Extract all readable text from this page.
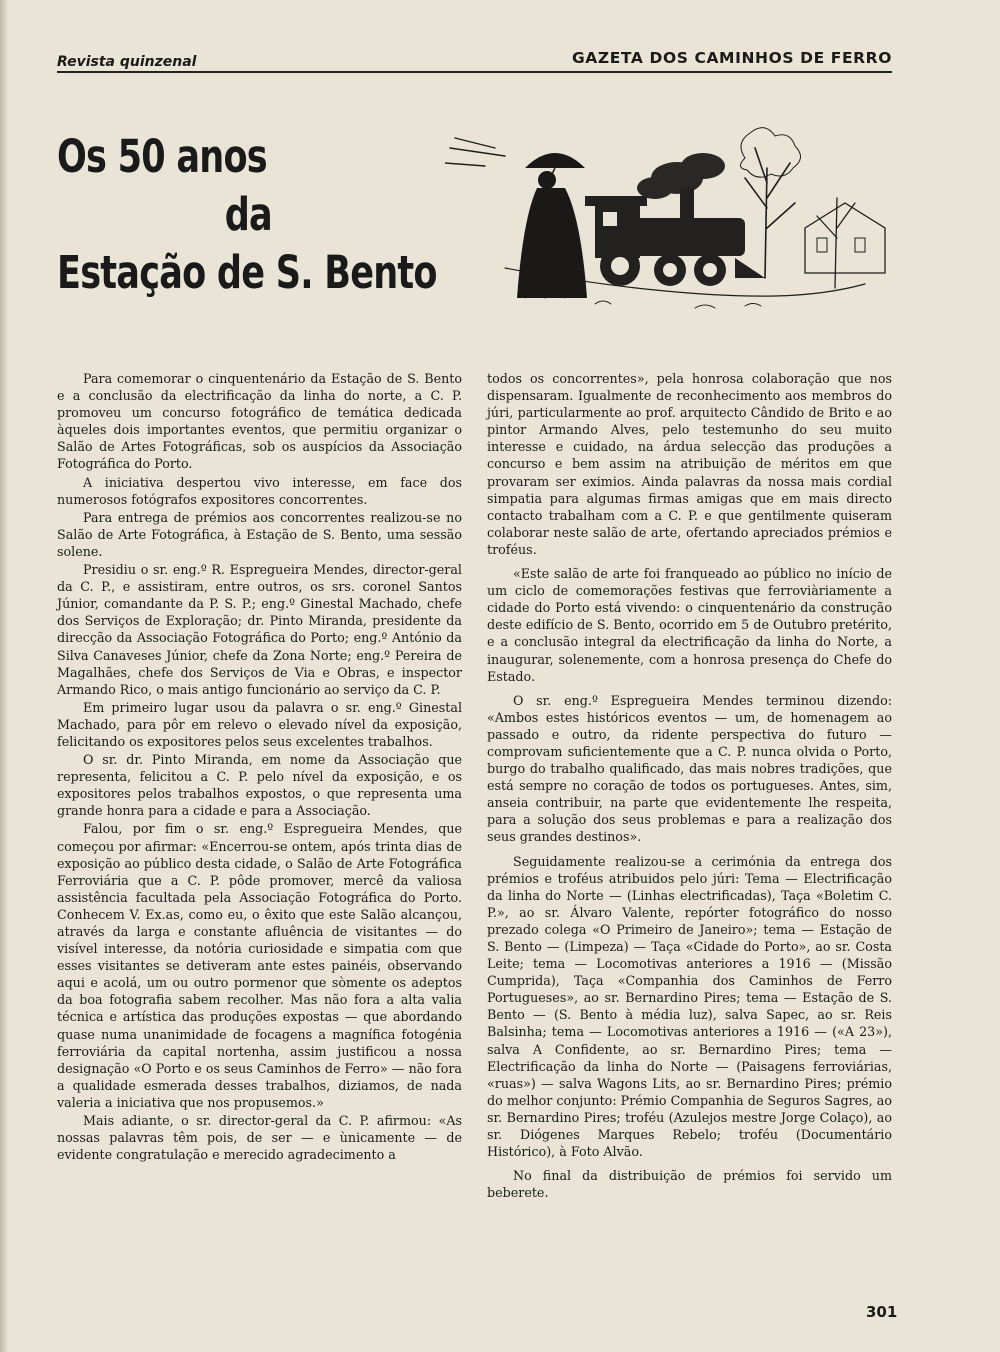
Revista quinzenal	GAZETA DOS CAMINHOS DE FERRO
Os 50 anos
da
Estação de S. Bento

Para comemorar o cinquentenário da Estação de S. Bento e a conclusão da electrificação da linha do norte, a C. P. promoveu um concurso fotográfico de temática dedicada àqueles dois importantes eventos, que permitiu organizar o Salão de Artes Fotográficas, sob os auspícios da Associação Fotográfica do Porto.

A iniciativa despertou vivo interesse, em face dos numerosos fotógrafos expositores concorrentes.

Para entrega de prémios aos concorrentes realizou-se no Salão de Arte Fotográfica, à Estação de S. Bento, uma sessão solene.

Presidiu o sr. eng.º R. Espregueira Mendes, director-geral da C. P., e assistiram, entre outros, os srs. coronel Santos Júnior, comandante da P. S. P.; eng.º Ginestal Machado, chefe dos Serviços de Exploração; dr. Pinto Miranda, presidente da direcção da Associação Fotográfica do Porto; eng.º António da Silva Canaveses Júnior, chefe da Zona Norte; eng.º Pereira de Magalhães, chefe dos Serviços de Via e Obras, e inspector Armando Rico, o mais antigo funcionário ao serviço da C. P.

Em primeiro lugar usou da palavra o sr. eng.º Ginestal Machado, para pôr em relevo o elevado nível da exposição, felicitando os expositores pelos seus excelentes trabalhos.

O sr. dr. Pinto Miranda, em nome da Associação que representa, felicitou a C. P. pelo nível da exposição, e os expositores pelos trabalhos expostos, o que representa uma grande honra para a cidade e para a Associação.

Falou, por fim o sr. eng.º Espregueira Mendes, que começou por afirmar: «Encerrou-se ontem, após trinta dias de exposição ao público desta cidade, o Salão de Arte Fotográfica Ferroviária que a C. P. pôde promover, mercê da valiosa assistência facultada pela Associação Fotográfica do Porto. Conhecem V. Ex.as, como eu, o êxito que este Salão alcançou, através da larga e constante afluência de visitantes — do visível interesse, da notória curiosidade e simpatia com que esses visitantes se detiveram ante estes painéis, observando aqui e acolá, um ou outro pormenor que sòmente os adeptos da boa fotografia sabem recolher. Mas não fora a alta valia técnica e artística das produções expostas — que abordando quase numa unanimidade de focagens a magnífica fotogénia ferroviária da capital nortenha, assim justificou a nossa designação «O Porto e os seus Caminhos de Ferro» — não fora a qualidade esmerada desses trabalhos, diziamos, de nada valeria a iniciativa que nos propusemos.»

Mais adiante, o sr. director-geral da C. P. afirmou: «As nossas palavras têm pois, de ser — e ùnicamente — de evidente congratulação e merecido agradecimento a

todos os concorrentes», pela honrosa colaboração que nos dispensaram. Igualmente de reconhecimento aos membros do júri, particularmente ao prof. arquitecto Cândido de Brito e ao pintor Armando Alves, pelo testemunho do seu muito interesse e cuidado, na árdua selecção das produções a concurso e bem assim na atribuição de méritos em que provaram ser eximios. Ainda palavras da nossa mais cordial simpatia para algumas firmas amigas que em mais directo contacto trabalham com a C. P. e que gentilmente quiseram colaborar neste salão de arte, ofertando apreciados prémios e troféus.

«Este salão de arte foi franqueado ao público no início de um ciclo de comemorações festivas que ferroviàriamente a cidade do Porto está vivendo: o cinquentenário da construção deste edifício de S. Bento, ocorrido em 5 de Outubro pretérito, e a conclusão integral da electrificação da linha do Norte, a inaugurar, solenemente, com a honrosa presença do Chefe do Estado.

O sr. eng.º Espregueira Mendes terminou dizendo: «Ambos estes históricos eventos — um, de homenagem ao passado e outro, da ridente perspectiva do futuro — comprovam suficientemente que a C. P. nunca olvida o Porto, burgo do trabalho qualificado, das mais nobres tradições, que está sempre no coração de todos os portugueses. Antes, sim, anseia contribuir, na parte que evidentemente lhe respeita, para a solução dos seus problemas e para a realização dos seus grandes destinos».

Seguidamente realizou-se a cerimónia da entrega dos prémios e troféus atribuidos pelo júri: Tema — Electrificação da linha do Norte — (Linhas electrificadas), Taça «Boletim C. P.», ao sr. Álvaro Valente, repórter fotográfico do nosso prezado colega «O Primeiro de Janeiro»; tema — Estação de S. Bento — (Limpeza) — Taça «Cidade do Porto», ao sr. Costa Leite; tema — Locomotivas anteriores a 1916 — (Missão Cumprida), Taça «Companhia dos Caminhos de Ferro Portugueses», ao sr. Bernardino Pires; tema — Estação de S. Bento — (S. Bento à média luz), salva Sapec, ao sr. Reis Balsinha; tema — Locomotivas anteriores a 1916 — («A 23»), salva A Confidente, ao sr. Bernardino Pires; tema — Electrificação da linha do Norte — (Paisagens ferroviárias, «ruas») — salva Wagons Lits, ao sr. Bernardino Pires; prémio do melhor conjunto: Prémio Companhia de Seguros Sagres, ao sr. Bernardino Pires; troféu (Azulejos mestre Jorge Colaço), ao sr. Diógenes Marques Rebelo; troféu (Documentário Histórico), à Foto Alvão.

No final da distribuição de prémios foi servido um beberete.

301
